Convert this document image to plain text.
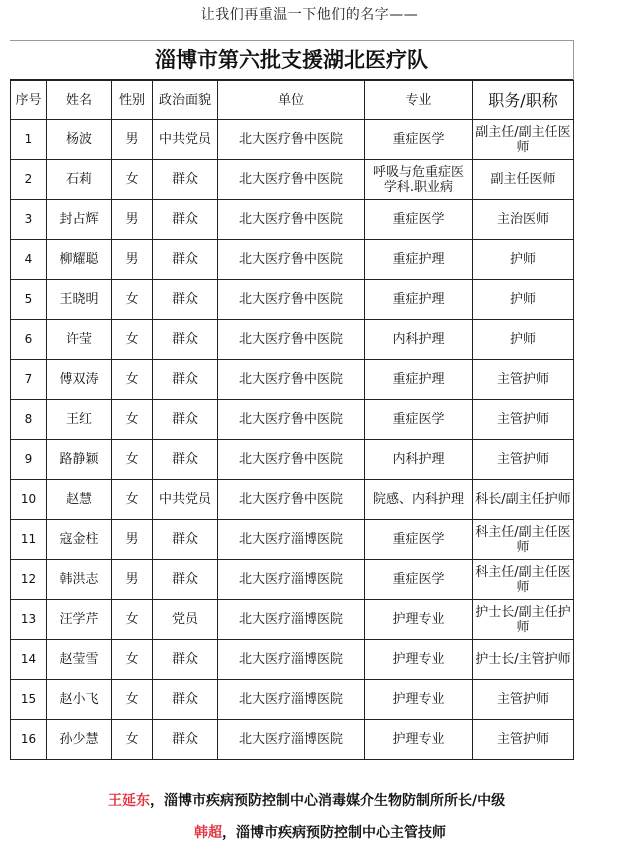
让我们再重温一下他们的名字——
淄博市第六批支援湖北医疗队
序号	姓名	性别	政治面貌	单位	专业	职务/职称
1	杨波	男	中共党员	北大医疗鲁中医院	重症医学	副主任/副主任医师
2	石莉	女	群众	北大医疗鲁中医院	呼吸与危重症医学科.职业病	副主任医师
3	封占辉	男	群众	北大医疗鲁中医院	重症医学	主治医师
4	柳耀聪	男	群众	北大医疗鲁中医院	重症护理	护师
5	王晓明	女	群众	北大医疗鲁中医院	重症护理	护师
6	许莹	女	群众	北大医疗鲁中医院	内科护理	护师
7	傅双涛	女	群众	北大医疗鲁中医院	重症护理	主管护师
8	王红	女	群众	北大医疗鲁中医院	重症医学	主管护师
9	路静颖	女	群众	北大医疗鲁中医院	内科护理	主管护师
10	赵慧	女	中共党员	北大医疗鲁中医院	院感、内科护理	科长/副主任护师
11	寇金柱	男	群众	北大医疗淄博医院	重症医学	科主任/副主任医师
12	韩洪志	男	群众	北大医疗淄博医院	重症医学	科主任/副主任医师
13	汪学芹	女	党员	北大医疗淄博医院	护理专业	护士长/副主任护师
14	赵莹雪	女	群众	北大医疗淄博医院	护理专业	护士长/主管护师
15	赵小飞	女	群众	北大医疗淄博医院	护理专业	主管护师
16	孙少慧	女	群众	北大医疗淄博医院	护理专业	主管护师
王延东，淄博市疾病预防控制中心消毒媒介生物防制所所长/中级
韩超，淄博市疾病预防控制中心主管技师
